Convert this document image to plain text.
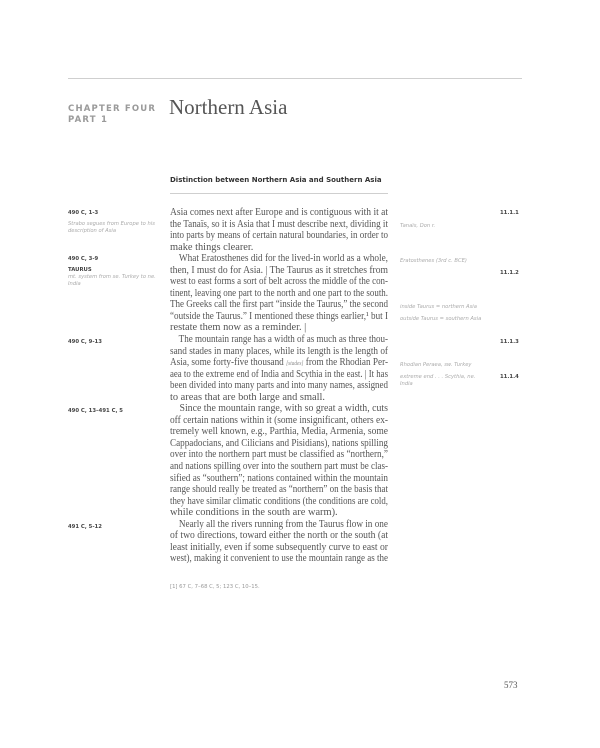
CHAPTER FOUR
PART 1
Northern Asia
Distinction between Northern Asia and Southern Asia
Asia comes next after Europe and is contiguous with it at
the Tanaïs, so it is Asia that I must describe next, dividing it
into parts by means of certain natural boundaries, in order to
make things clearer.
What Eratosthenes did for the lived-in world as a whole,
then, I must do for Asia. | The Taurus as it stretches from
west to east forms a sort of belt across the middle of the con-
tinent, leaving one part to the north and one part to the south.
The Greeks call the first part “inside the Taurus,” the second
“outside the Taurus.” I mentioned these things earlier,¹ but I
restate them now as a reminder. |
The mountain range has a width of as much as three thou-
sand stades in many places, while its length is the length of
Asia, some forty-five thousand [stades] from the Rhodian Per-
aea to the extreme end of India and Scythia in the east. | It has
been divided into many parts and into many names, assigned
to areas that are both large and small.
Since the mountain range, with so great a width, cuts
off certain nations within it (some insignificant, others ex-
tremely well known, e.g., Parthia, Media, Armenia, some
Cappadocians, and Cilicians and Pisidians), nations spilling
over into the northern part must be classified as “northern,”
and nations spilling over into the southern part must be clas-
sified as “southern”; nations contained within the mountain
range should really be treated as “northern” on the basis that
they have similar climatic conditions (the conditions are cold,
while conditions in the south are warm).
Nearly all the rivers running from the Taurus flow in one
of two directions, toward either the north or the south (at
least initially, even if some subsequently curve to east or
west), making it convenient to use the mountain range as the
490 C, 1-3
Strabo segues from Europe to his description of Asia
490 C, 3-9
TAURUS
mt. system from se. Turkey to ne. India
490 C, 9-13
490 C, 13–491 C, 5
491 C, 5-12
11.1.1
Tanaïs, Don r.
Eratosthenes (3rd c. BCE)
11.1.2
inside Taurus = northern Asia
outside Taurus = southern Asia
11.1.3
Rhodian Peraea, sw. Turkey
extreme end . . . Scythia, ne.
India
11.1.4
[1] 67 C, 7–68 C, 5; 123 C, 10–15.
573
